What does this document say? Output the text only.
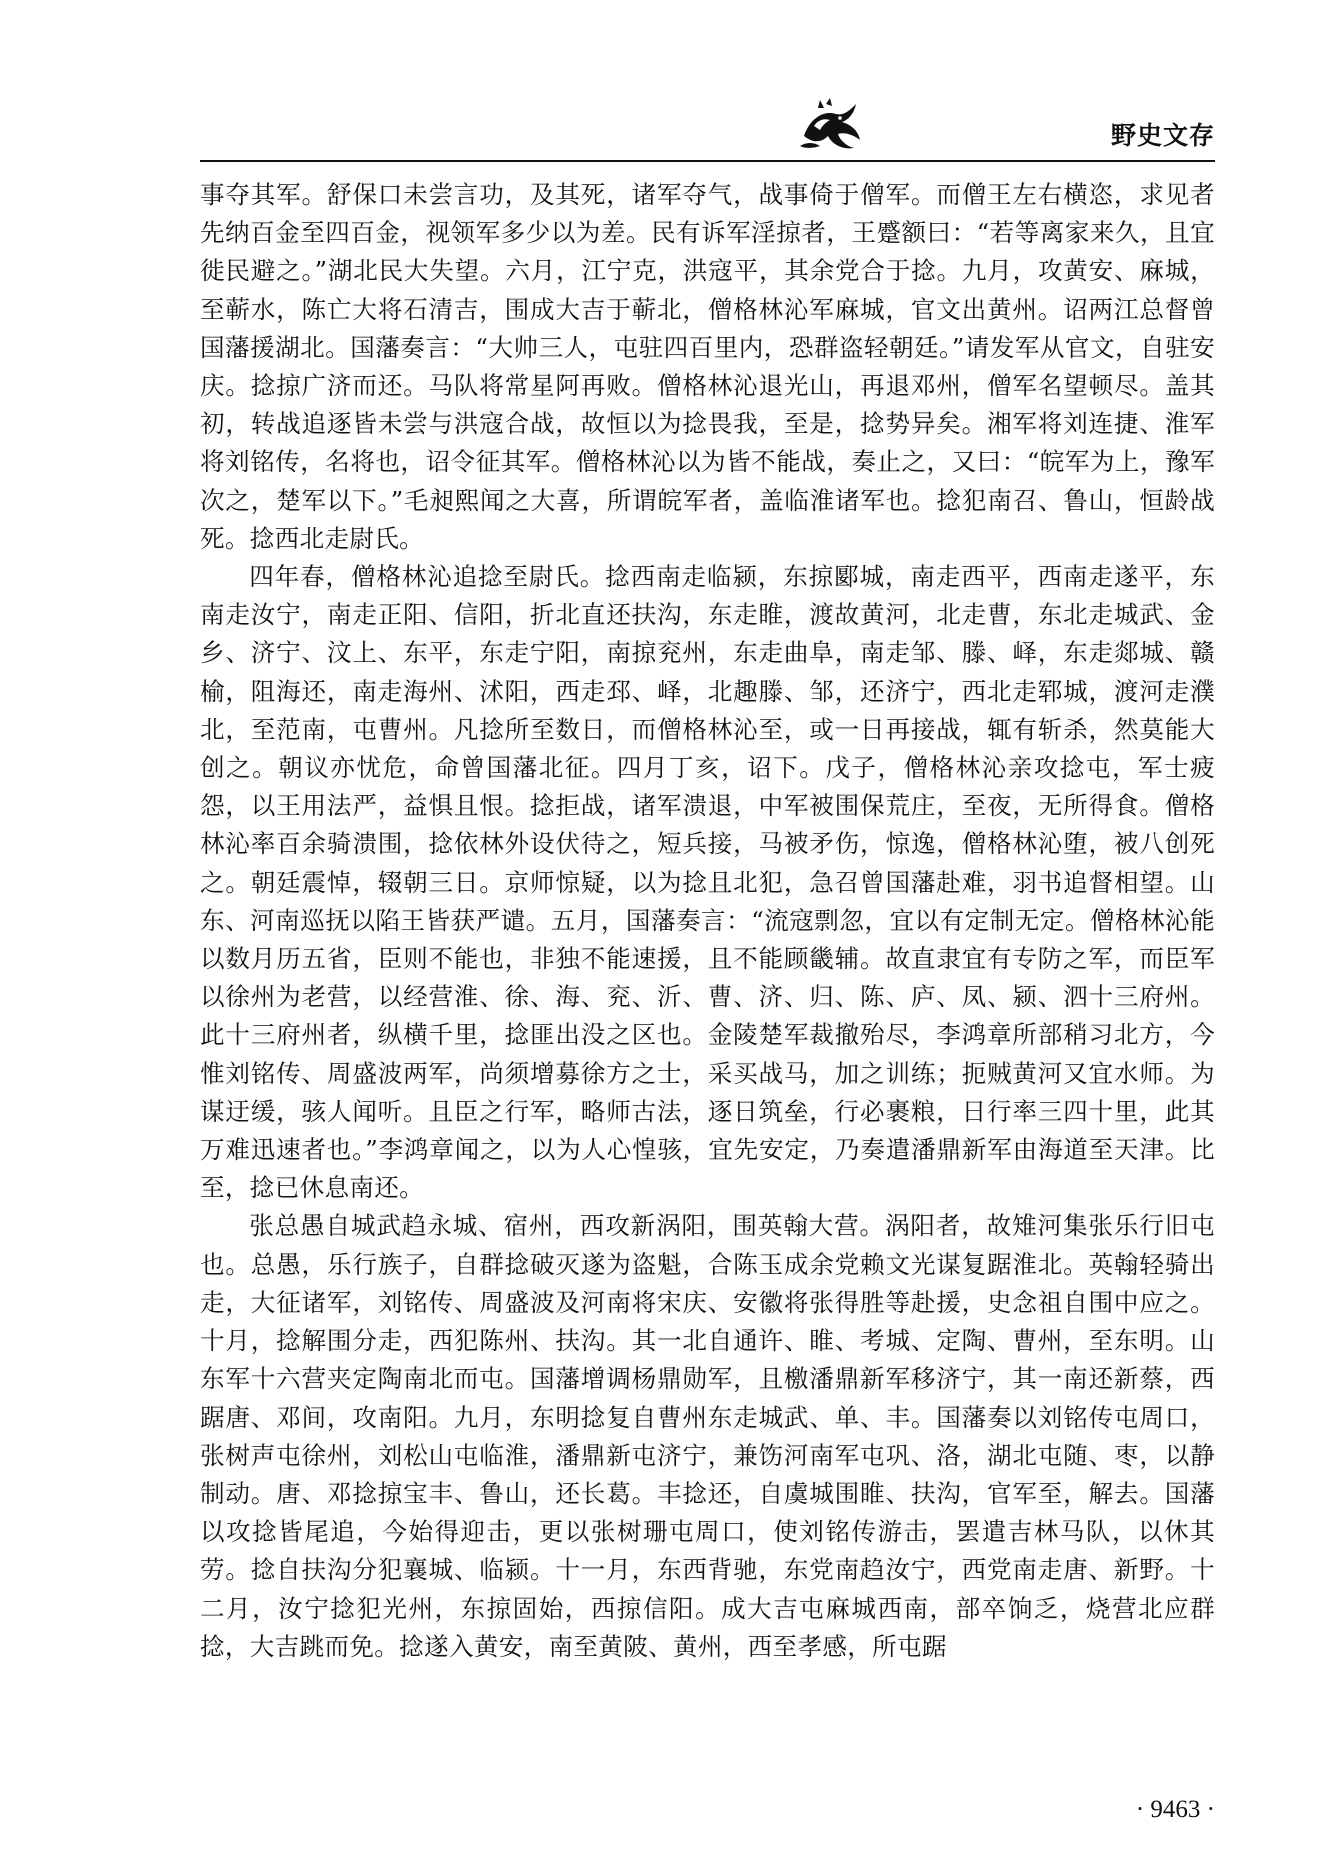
野史文存

事夺其军。舒保口未尝言功，及其死，诸军夺气，战事倚于僧军。而僧王左右横恣，求见者先纳百金至四百金，视领军多少以为差。民有诉军淫掠者，王蹙额曰：“若等离家来久，且宜徙民避之。”湖北民大失望。六月，江宁克，洪寇平，其余党合于捻。九月，攻黄安、麻城，至蕲水，陈亡大将石清吉，围成大吉于蕲北，僧格林沁军麻城，官文出黄州。诏两江总督曾国藩援湖北。国藩奏言：“大帅三人，屯驻四百里内，恐群盗轻朝廷。”请发军从官文，自驻安庆。捻掠广济而还。马队将常星阿再败。僧格林沁退光山，再退邓州，僧军名望顿尽。盖其初，转战追逐皆未尝与洪寇合战，故恒以为捻畏我，至是，捻势异矣。湘军将刘连捷、淮军将刘铭传，名将也，诏令征其军。僧格林沁以为皆不能战，奏止之，又曰：“皖军为上，豫军次之，楚军以下。”毛昶熙闻之大喜，所谓皖军者，盖临淮诸军也。捻犯南召、鲁山，恒龄战死。捻西北走尉氏。

四年春，僧格林沁追捻至尉氏。捻西南走临颍，东掠郾城，南走西平，西南走遂平，东南走汝宁，南走正阳、信阳，折北直还扶沟，东走睢，渡故黄河，北走曹，东北走城武、金乡、济宁、汶上、东平，东走宁阳，南掠兖州，东走曲阜，南走邹、滕、峄，东走郯城、赣榆，阻海还，南走海州、沭阳，西走邳、峄，北趣滕、邹，还济宁，西北走郓城，渡河走濮北，至范南，屯曹州。凡捻所至数日，而僧格林沁至，或一日再接战，辄有斩杀，然莫能大创之。朝议亦忧危，命曾国藩北征。四月丁亥，诏下。戊子，僧格林沁亲攻捻屯，军士疲怨，以王用法严，益惧且恨。捻拒战，诸军溃退，中军被围保荒庄，至夜，无所得食。僧格林沁率百余骑溃围，捻依林外设伏待之，短兵接，马被矛伤，惊逸，僧格林沁堕，被八创死之。朝廷震悼，辍朝三日。京师惊疑，以为捻且北犯，急召曾国藩赴难，羽书追督相望。山东、河南巡抚以陷王皆获严谴。五月，国藩奏言：“流寇剽忽，宜以有定制无定。僧格林沁能以数月历五省，臣则不能也，非独不能速援，且不能顾畿辅。故直隶宜有专防之军，而臣军以徐州为老营，以经营淮、徐、海、兖、沂、曹、济、归、陈、庐、凤、颍、泗十三府州。此十三府州者，纵横千里，捻匪出没之区也。金陵楚军裁撤殆尽，李鸿章所部稍习北方，今惟刘铭传、周盛波两军，尚须增募徐方之士，采买战马，加之训练；扼贼黄河又宜水师。为谋迂缓，骇人闻听。且臣之行军，略师古法，逐日筑垒，行必裹粮，日行率三四十里，此其万难迅速者也。”李鸿章闻之，以为人心惶骇，宜先安定，乃奏遣潘鼎新军由海道至天津。比至，捻已休息南还。

张总愚自城武趋永城、宿州，西攻新涡阳，围英翰大营。涡阳者，故雉河集张乐行旧屯也。总愚，乐行族子，自群捻破灭遂为盗魁，合陈玉成余党赖文光谋复踞淮北。英翰轻骑出走，大征诸军，刘铭传、周盛波及河南将宋庆、安徽将张得胜等赴援，史念祖自围中应之。十月，捻解围分走，西犯陈州、扶沟。其一北自通许、睢、考城、定陶、曹州，至东明。山东军十六营夹定陶南北而屯。国藩增调杨鼎勋军，且檄潘鼎新军移济宁，其一南还新蔡，西踞唐、邓间，攻南阳。九月，东明捻复自曹州东走城武、单、丰。国藩奏以刘铭传屯周口，张树声屯徐州，刘松山屯临淮，潘鼎新屯济宁，兼饬河南军屯巩、洛，湖北屯随、枣，以静制动。唐、邓捻掠宝丰、鲁山，还长葛。丰捻还，自虞城围睢、扶沟，官军至，解去。国藩以攻捻皆尾追，今始得迎击，更以张树珊屯周口，使刘铭传游击，罢遣吉林马队，以休其劳。捻自扶沟分犯襄城、临颍。十一月，东西背驰，东党南趋汝宁，西党南走唐、新野。十二月，汝宁捻犯光州，东掠固始，西掠信阳。成大吉屯麻城西南，部卒饷乏，烧营北应群捻，大吉跳而免。捻遂入黄安，南至黄陂、黄州，西至孝感，所屯踞

· 9463 ·
